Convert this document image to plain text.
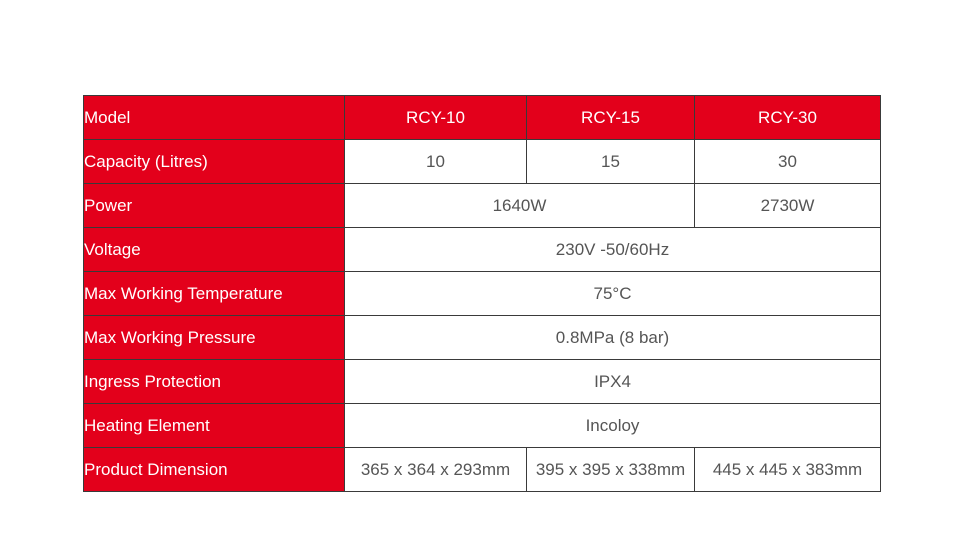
Model	RCY-10	RCY-15	RCY-30
Capacity (Litres)	10	15	30
Power	1640W		2730W
Voltage	230V -50/60Hz		
Max Working Temperature	75°C		
Max Working Pressure	0.8MPa (8 bar)		
Ingress Protection	IPX4		
Heating Element	Incoloy		
Product Dimension	365 x 364 x 293mm	395 x 395 x 338mm	445 x 445 x 383mm
